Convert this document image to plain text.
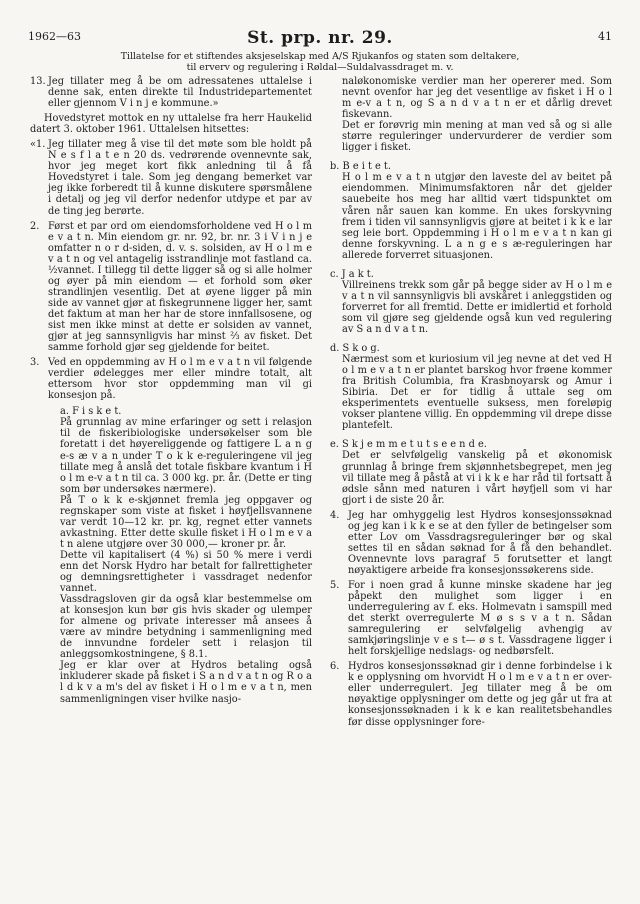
1962—63	St. prp. nr. 29.	41
Tillatelse for et stiftendes aksjeselskap med A/S Rjukanfos og staten som deltakere,
til erverv og regulering i Røldal—Suldalvassdraget m. v.
13. Jeg tillater meg å be om adressatenes uttalelse i denne sak, enten direkte til Industridepartementet eller gjennom V i n j e kommune.»

Hovedstyret mottok en ny uttalelse fra herr Haukelid datert 3. oktober 1961. Uttalelsen hitsettes:

«1. Jeg tillater meg å vise til det møte som ble holdt på N e s f l a t e n 20 ds. vedrørende ovennevnte sak, hvor jeg meget kort fikk anledning til å få Hovedstyret i tale. Som jeg dengang bemerket var jeg ikke forberedt til å kunne diskutere spørsmålene i detalj og jeg vil derfor nedenfor utdype et par av de ting jeg berørte.
2. Først et par ord om eiendomsforholdene ved H o l m e v a t n. Min eiendom gr. nr. 92, br. nr. 3 i V i n j e omfatter n o r d-siden, d. v. s. solsiden, av H o l m e v a t n og vel antagelig isstrandlinje mot fastland ca. ½vannet. I tillegg til dette ligger så og si alle holmer og øyer på min eiendom — et forhold som øker strandlinjen vesentlig. Det at øyene ligger på min side av vannet gjør at fiskegrunnene ligger her, samt det faktum at man her har de store innfallsosene, og sist men ikke minst at dette er solsiden av vannet, gjør at jeg sannsynligvis har minst ⅔ av fisket. Det samme forhold gjør seg gjeldende for beitet.
3. Ved en oppdemming av H o l m e v a t n vil følgende verdier ødelegges mer eller mindre totalt, alt ettersom hvor stor oppdemming man vil gi konsesjon på.
a. F i s k e t.

På grunnlag av mine erfaringer og sett i relasjon til de fiskeribiologiske undersøkelser som ble foretatt i det høyereliggende og fattigere L a n g e-s æ v a n under T o k k e-reguleringene vil jeg tillate meg å anslå det totale fiskbare kvantum i H o l m e-v a t n til ca. 3 000 kg. pr. år. (Dette er ting som bør undersøkes nærmere).

På T o k k e-skjønnet fremla jeg oppgaver og regnskaper som viste at fisket i høyfjellsvannene var verdt 10—12 kr. pr. kg, regnet etter vannets avkastning. Etter dette skulle fisket i H o l m e v a t n alene utgjøre over 30 000,— kroner pr. år.

Dette vil kapitalisert (4 %) si 50 % mere i verdi enn det Norsk Hydro har betalt for fallrettigheter og demningsrettigheter i vassdraget nedenfor vannet.

Vassdragsloven gir da også klar bestemmelse om at konsesjon kun bør gis hvis skader og ulemper for almene og private interesser må ansees å være av mindre betydning i sammenligning med de innvundne fordeler sett i relasjon til anleggsomkostningene, § 8.1.

Jeg er klar over at Hydros betaling også inkluderer skade på fisket i S a n d v a t n og R o a l d k v a m's del av fisket i H o l m e v a t n, men sammenligningen viser hvilke nasjo-

naløkonomiske verdier man her opererer med. Som nevnt ovenfor har jeg det vesentlige av fisket i H o l m e-v a t n, og S a n d v a t n er et dårlig drevet fiskevann.

Det er forøvrig min mening at man ved så og si alle større reguleringer undervurderer de verdier som ligger i fisket.

b. B e i t e t.

H o l m e v a t n utgjør den laveste del av beitet på eiendommen. Minimumsfaktoren når det gjelder sauebeite hos meg har alltid vært tidspunktet om våren når sauen kan komme. En ukes forskyvning frem i tiden vil sannsynligvis gjøre at beitet i k k e lar seg leie bort. Oppdemming i H o l m e v a t n kan gi denne forskyvning. L a n g e s æ-reguleringen har allerede forverret situasjonen.

c. J a k t.

Villreinens trekk som går på begge sider av H o l m e v a t n vil sannsynligvis bli avskåret i anleggstiden og forverret for all fremtid. Dette er imidlertid et forhold som vil gjøre seg gjeldende også kun ved regulering av S a n d v a t n.

d. S k o g.

Nærmest som et kuriosium vil jeg nevne at det ved H o l m e v a t n er plantet barskog hvor frøene kommer fra British Columbia, fra Krasbnoyarsk og Amur i Sibiria. Det er for tidlig å uttale seg om eksperimentets eventuelle suksess, men foreløpig vokser plantene villig. En oppdemming vil drepe disse plantefelt.

e. S k j e m m e t u t s e e n d e.

Det er selvfølgelig vanskelig på et økonomisk grunnlag å bringe frem skjønnhetsbegrepet, men jeg vil tillate meg å påstå at vi i k k e har råd til fortsatt å ødsle sånn med naturen i vårt høyfjell som vi har gjort i de siste 20 år.

4. Jeg har omhyggelig lest Hydros konsesjonssøknad og jeg kan i k k e se at den fyller de betingelser som etter Lov om Vassdragsreguleringer bør og skal settes til en sådan søknad for å få den behandlet. Ovennevnte lovs paragraf 5 forutsetter et langt nøyaktigere arbeide fra konsesjonssøkerens side.
5. For i noen grad å kunne minske skadene har jeg påpekt den mulighet som ligger i en underregulering av f. eks. Holmevatn i samspill med det sterkt overregulerte M ø s s v a t n. Sådan samregulering er selvfølgelig avhengig av samkjøringslinje v e s t— ø s t. Vassdragene ligger i helt forskjellige nedslags- og nedbørsfelt.
6. Hydros konsesjonssøknad gir i denne forbindelse i k k e opplysning om hvorvidt H o l m e v a t n er over- eller underregulert. Jeg tillater meg å be om nøyaktige opplysninger om dette og jeg går ut fra at konsesjonssøknaden i k k e kan realitetsbehandles før disse opplysninger fore-
